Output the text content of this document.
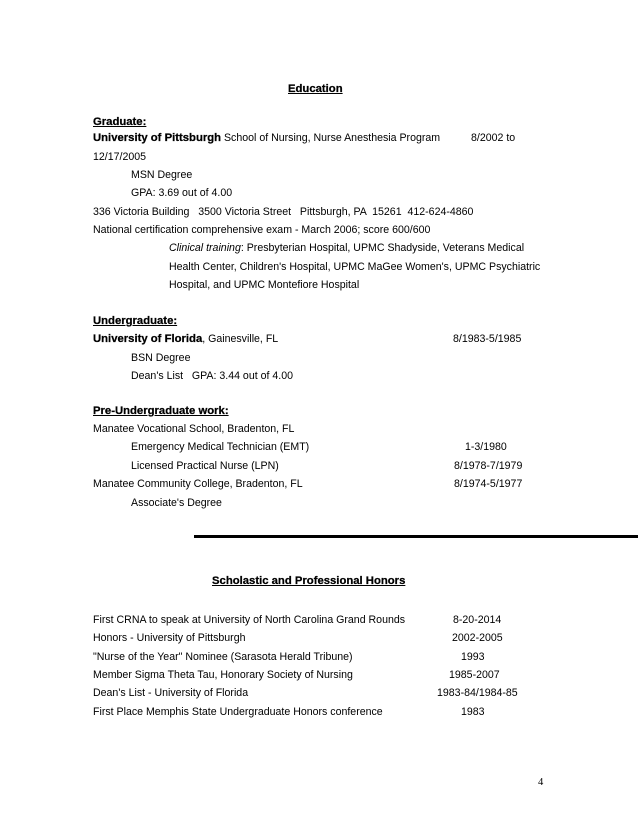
Education
Graduate:
University of Pittsburgh School of Nursing, Nurse Anesthesia Program	8/2002 to
12/17/2005
MSN Degree
GPA: 3.69 out of 4.00
336 Victoria Building   3500 Victoria Street   Pittsburgh, PA  15261  412-624-4860
National certification comprehensive exam - March 2006; score 600/600
Clinical training: Presbyterian Hospital, UPMC Shadyside, Veterans Medical
Health Center, Children's Hospital, UPMC MaGee Women's, UPMC Psychiatric
Hospital, and UPMC Montefiore Hospital
Undergraduate:
University of Florida, Gainesville, FL	8/1983-5/1985
BSN Degree
Dean's List   GPA: 3.44 out of 4.00
Pre-Undergraduate work:
Manatee Vocational School, Bradenton, FL
Emergency Medical Technician (EMT)	1-3/1980
Licensed Practical Nurse (LPN)	8/1978-7/1979
Manatee Community College, Bradenton, FL	8/1974-5/1977
Associate's Degree
Scholastic and Professional Honors
First CRNA to speak at University of North Carolina Grand Rounds	8-20-2014
Honors - University of Pittsburgh	2002-2005
"Nurse of the Year" Nominee (Sarasota Herald Tribune)	1993
Member Sigma Theta Tau, Honorary Society of Nursing	1985-2007
Dean's List - University of Florida	1983-84/1984-85
First Place Memphis State Undergraduate Honors conference	1983
4
